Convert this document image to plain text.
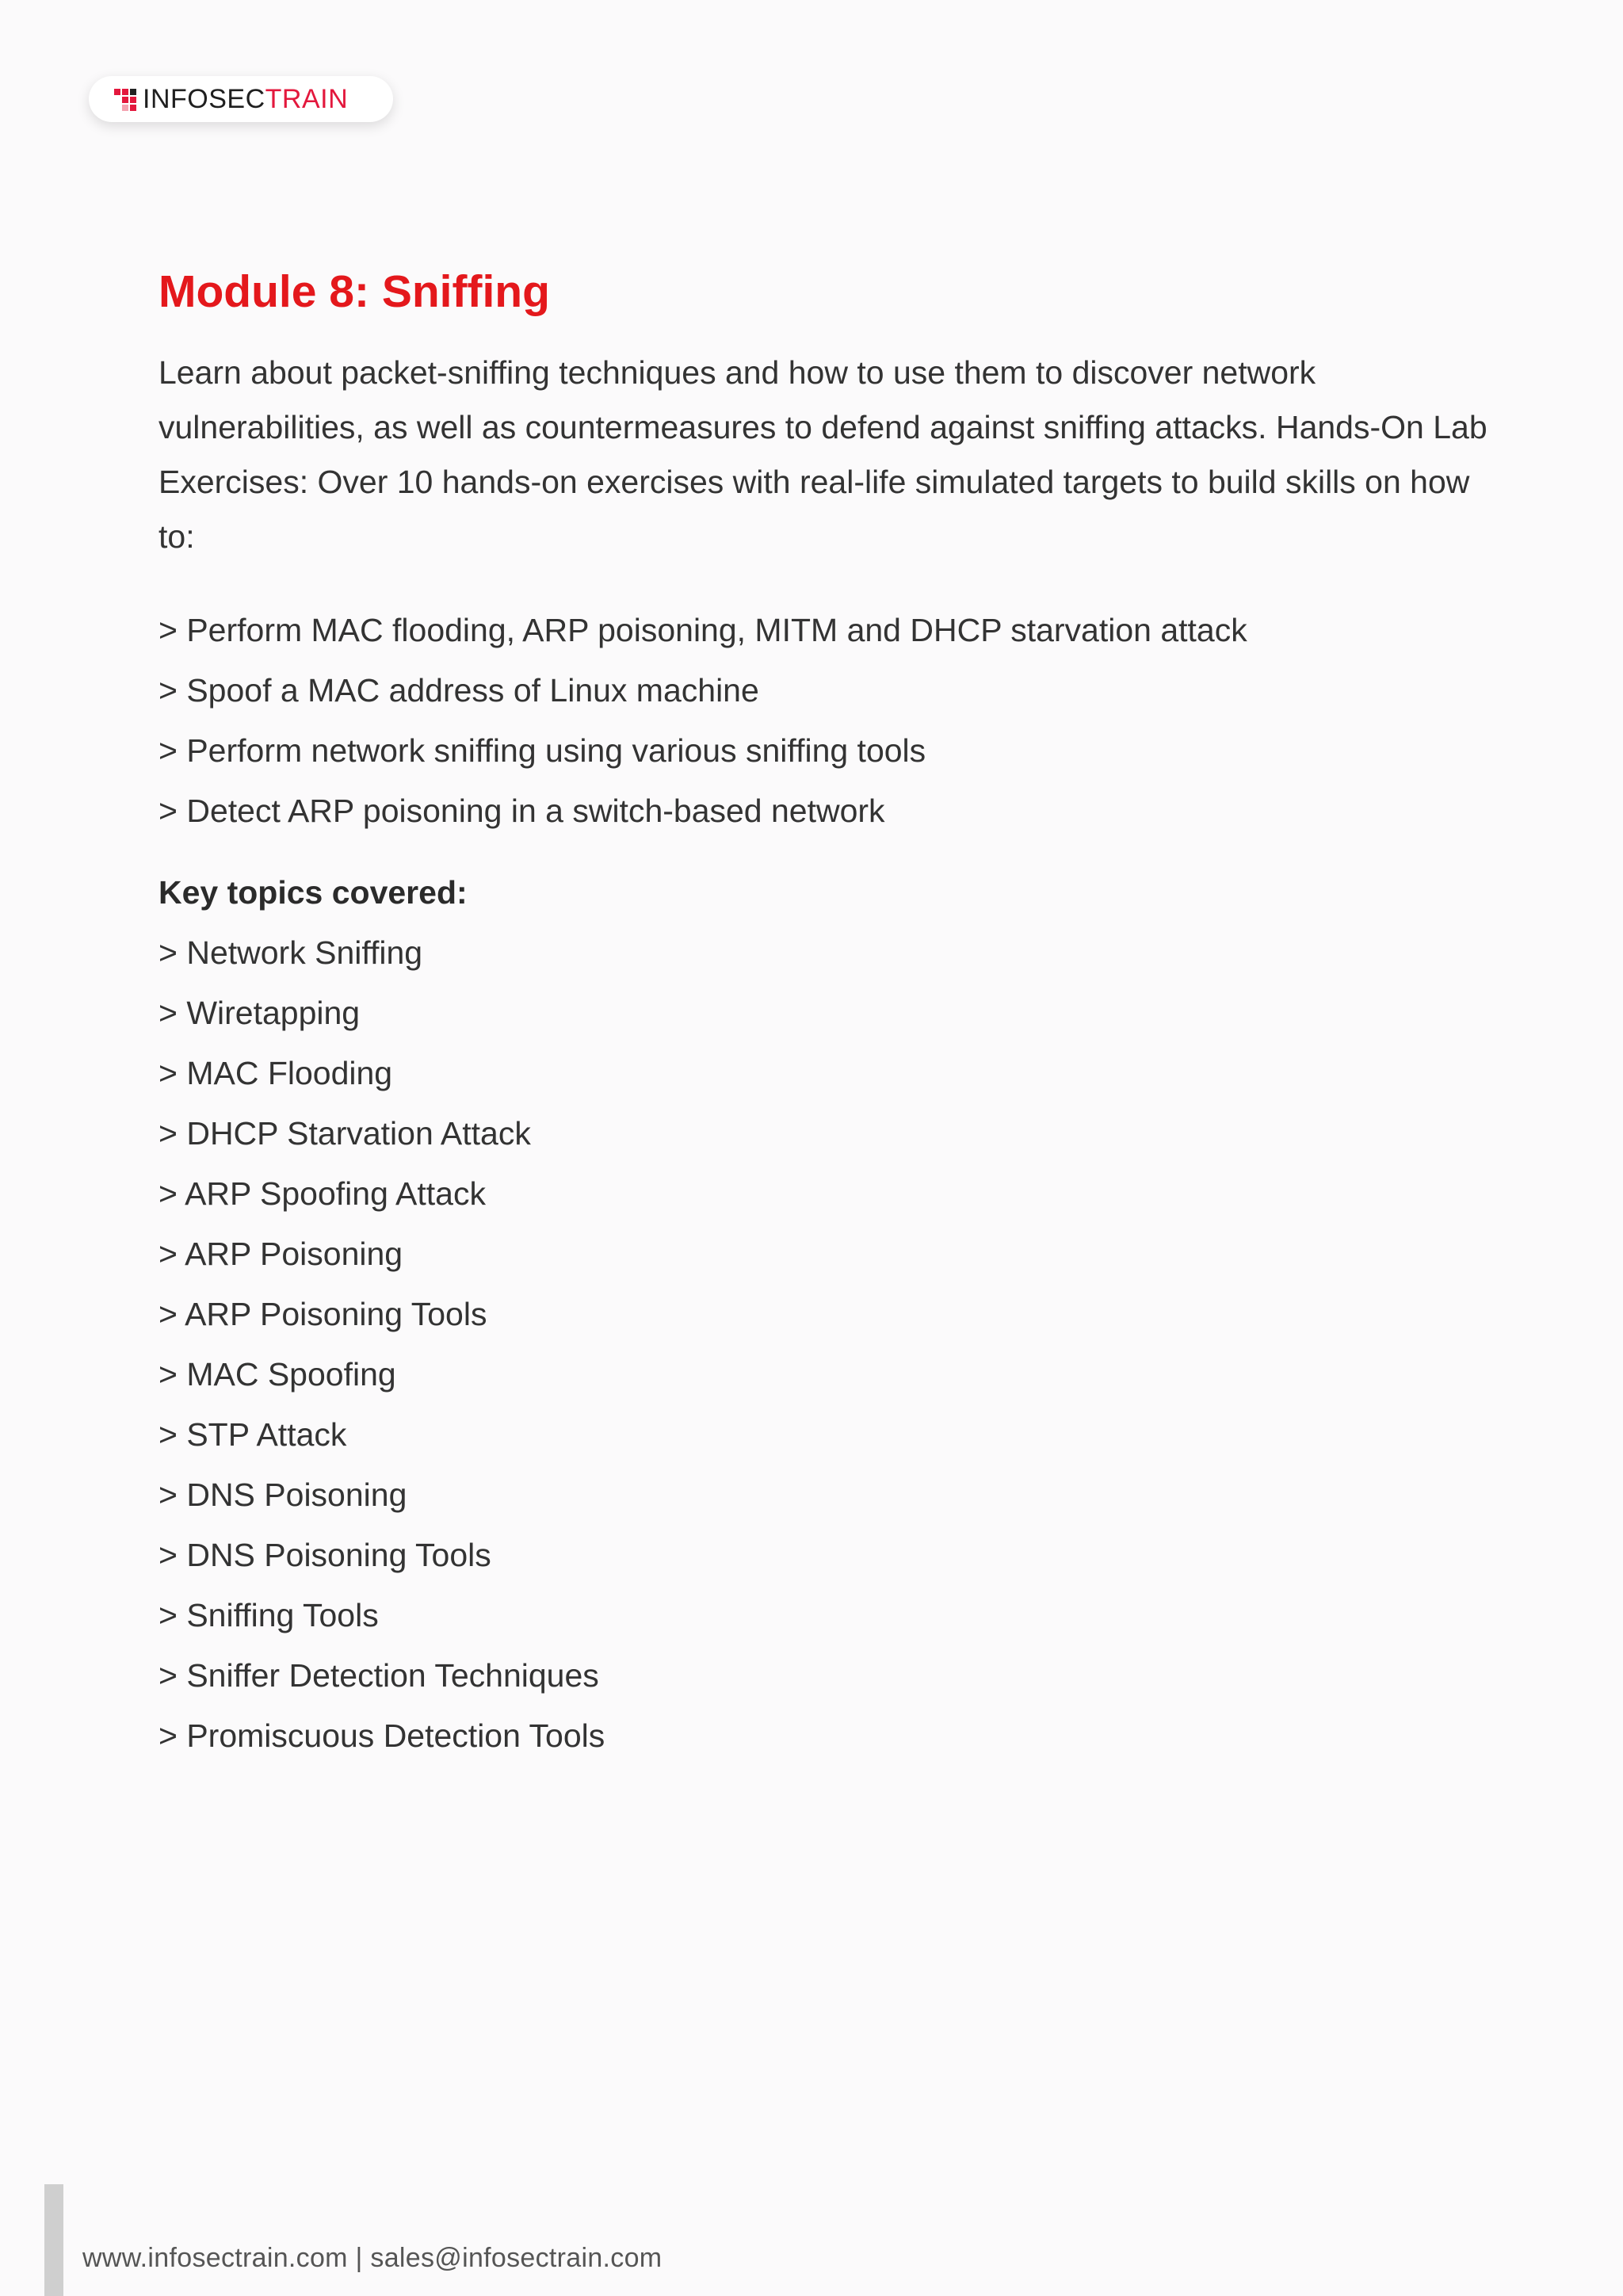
INFOSECTRAIN
Module 8: Sniffing

Learn about packet-sniffing techniques and how to use them to discover network vulnerabilities, as well as countermeasures to defend against sniffing attacks. Hands-On Lab Exercises: Over 10 hands-on exercises with real-life simulated targets to build skills on how to:

> Perform MAC flooding, ARP poisoning, MITM and DHCP starvation attack
> Spoof a MAC address of Linux machine
> Perform network sniffing using various sniffing tools
> Detect ARP poisoning in a switch-based network
Key topics covered:
> Network Sniffing
> Wiretapping
> MAC Flooding
> DHCP Starvation Attack
> ARP Spoofing Attack
> ARP Poisoning
> ARP Poisoning Tools
> MAC Spoofing
> STP Attack
> DNS Poisoning
> DNS Poisoning Tools
> Sniffing Tools
> Sniffer Detection Techniques
> Promiscuous Detection Tools
www.infosectrain.com | sales@infosectrain.com
